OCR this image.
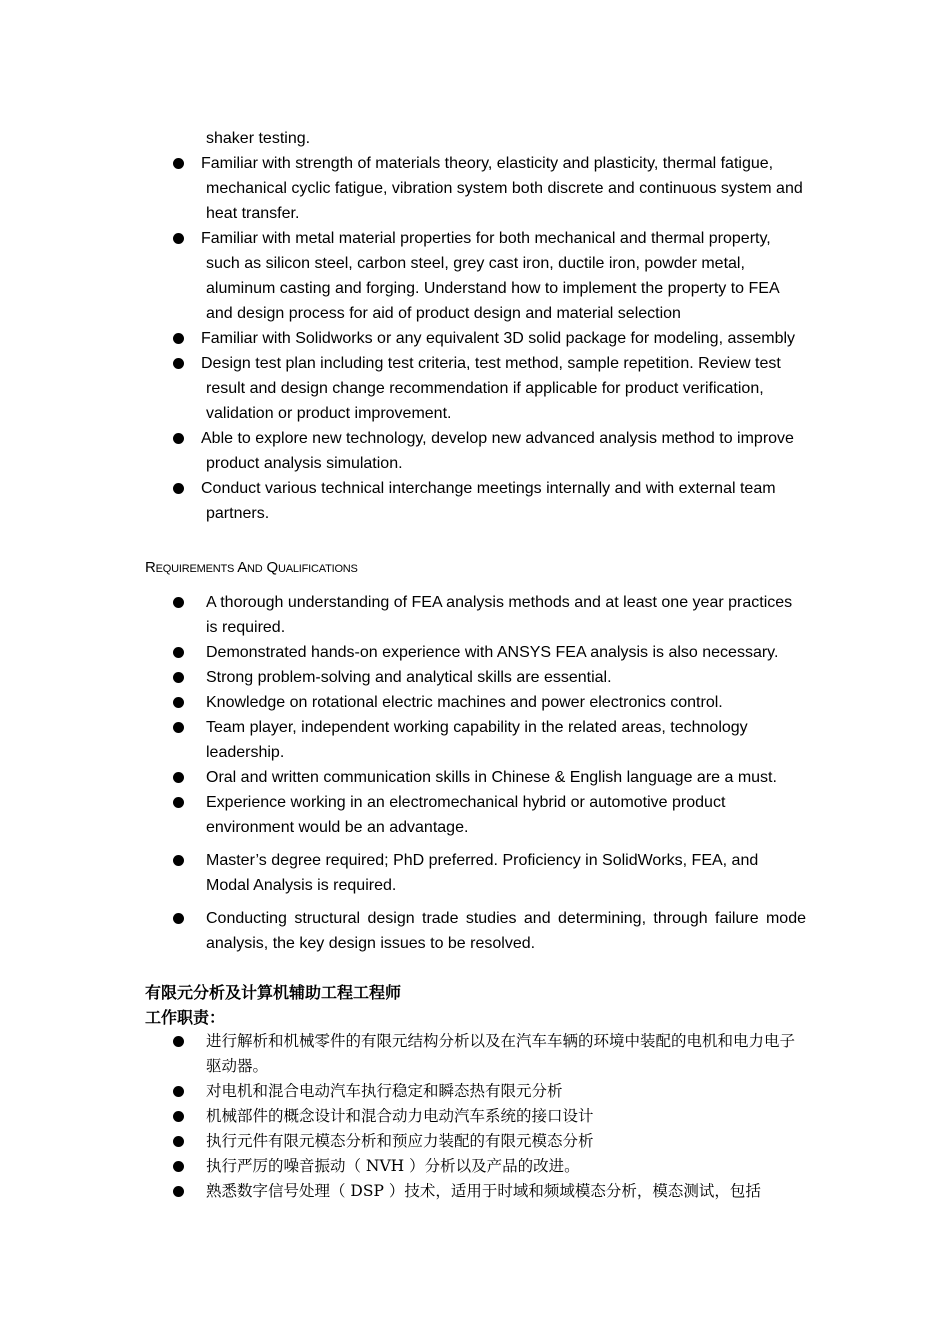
shaker testing.
Familiar with strength of materials theory, elasticity and plasticity, thermal fatigue, mechanical cyclic fatigue, vibration system both discrete and continuous system and heat transfer.
Familiar with metal material properties for both mechanical and thermal property, such as silicon steel, carbon steel, grey cast iron, ductile iron, powder metal, aluminum casting and forging. Understand how to implement the property to FEA and design process for aid of product design and material selection
Familiar with Solidworks or any equivalent 3D solid package for modeling, assembly
Design test plan including test criteria, test method, sample repetition. Review test result and design change recommendation if applicable for product verification, validation or product improvement.
Able to explore new technology, develop new advanced analysis method to improve product analysis simulation.
Conduct various technical interchange meetings internally and with external team partners.
Requirements And Qualifications
A thorough understanding of FEA analysis methods and at least one year practices is required.
Demonstrated hands-on experience with ANSYS FEA analysis is also necessary.
Strong problem-solving and analytical skills are essential.
Knowledge on rotational electric machines and power electronics control.
Team player, independent working capability in the related areas, technology leadership.
Oral and written communication skills in Chinese & English language are a must.
Experience working in an electromechanical hybrid or automotive product environment would be an advantage.
Master’s degree required; PhD preferred. Proficiency in SolidWorks, FEA, and Modal Analysis is required.
Conducting structural design trade studies and determining, through failure mode analysis, the key design issues to be resolved.
有限元分析及计算机辅助工程工程师
工作职责：
进行解析和机械零件的有限元结构分析以及在汽车车辆的环境中装配的电机和电力电子驱动器。
对电机和混合电动汽车执行稳定和瞬态热有限元分析
机械部件的概念设计和混合动力电动汽车系统的接口设计
执行元件有限元模态分析和预应力装配的有限元模态分析
执行严厉的噪音振动（ NVH ）分析以及产品的改进。
熟悉数字信号处理（ DSP ）技术，适用于时域和频域模态分析，模态测试，包括
